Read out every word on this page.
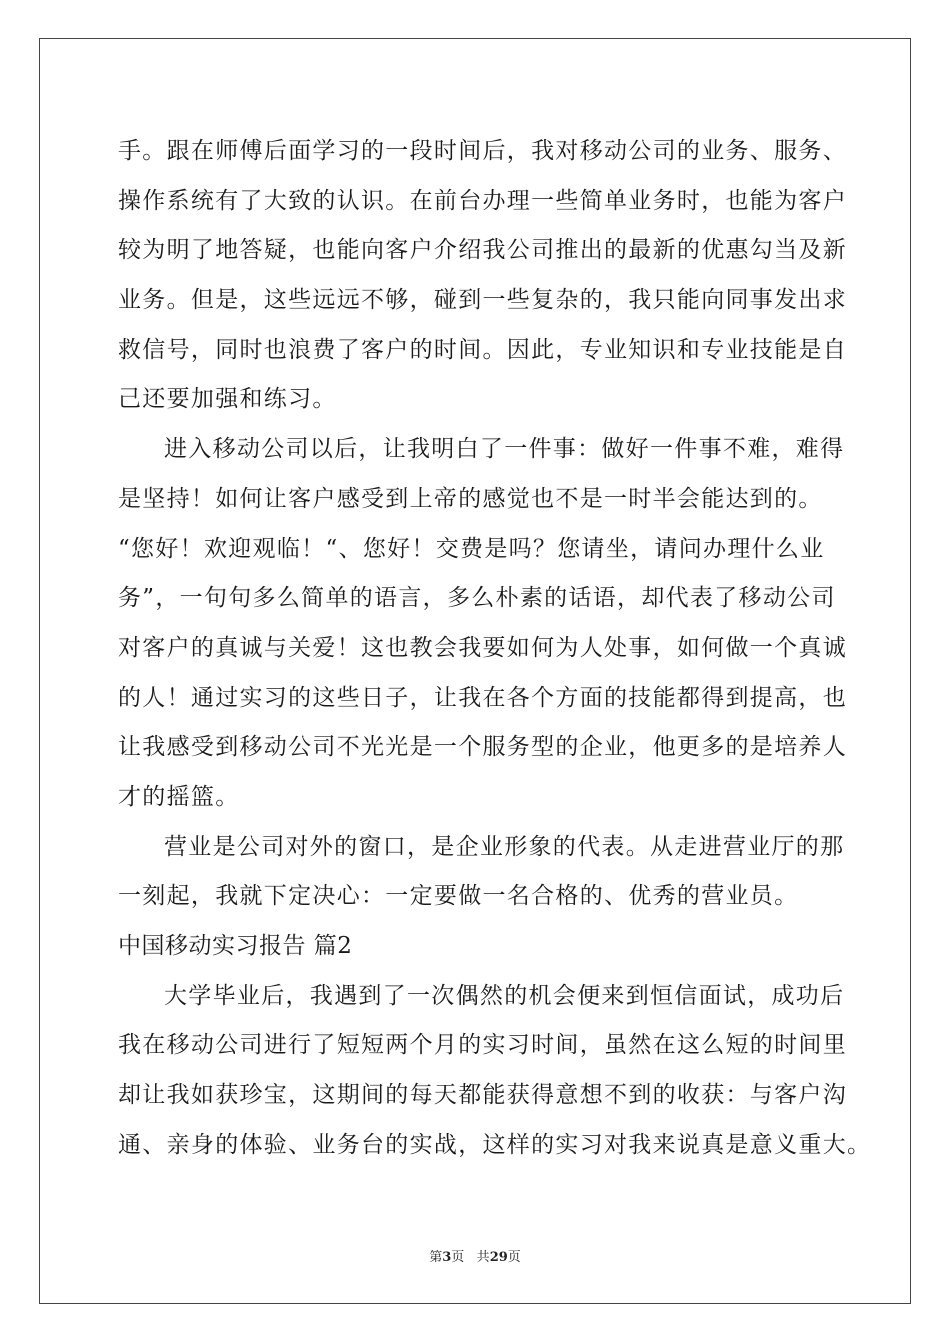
手。跟在师傅后面学习的一段时间后，我对移动公司的业务、服务、
操作系统有了大致的认识。在前台办理一些简单业务时，也能为客户
较为明了地答疑，也能向客户介绍我公司推出的最新的优惠勾当及新
业务。但是，这些远远不够，碰到一些复杂的，我只能向同事发出求
救信号，同时也浪费了客户的时间。因此，专业知识和专业技能是自
己还要加强和练习。
进入移动公司以后，让我明白了一件事：做好一件事不难，难得
是坚持！如何让客户感受到上帝的感觉也不是一时半会能达到的。
“您好！欢迎观临！“、您好！交费是吗？您请坐，请问办理什么业
务”，一句句多么简单的语言，多么朴素的话语，却代表了移动公司
对客户的真诚与关爱！这也教会我要如何为人处事，如何做一个真诚
的人！通过实习的这些日子，让我在各个方面的技能都得到提高，也
让我感受到移动公司不光光是一个服务型的企业，他更多的是培养人
才的摇篮。
营业是公司对外的窗口，是企业形象的代表。从走进营业厅的那
一刻起，我就下定决心：一定要做一名合格的、优秀的营业员。
中国移动实习报告 篇2
大学毕业后，我遇到了一次偶然的机会便来到恒信面试，成功后
我在移动公司进行了短短两个月的实习时间，虽然在这么短的时间里
却让我如获珍宝，这期间的每天都能获得意想不到的收获：与客户沟
通、亲身的体验、业务台的实战，这样的实习对我来说真是意义重大。
第3页 共29页
